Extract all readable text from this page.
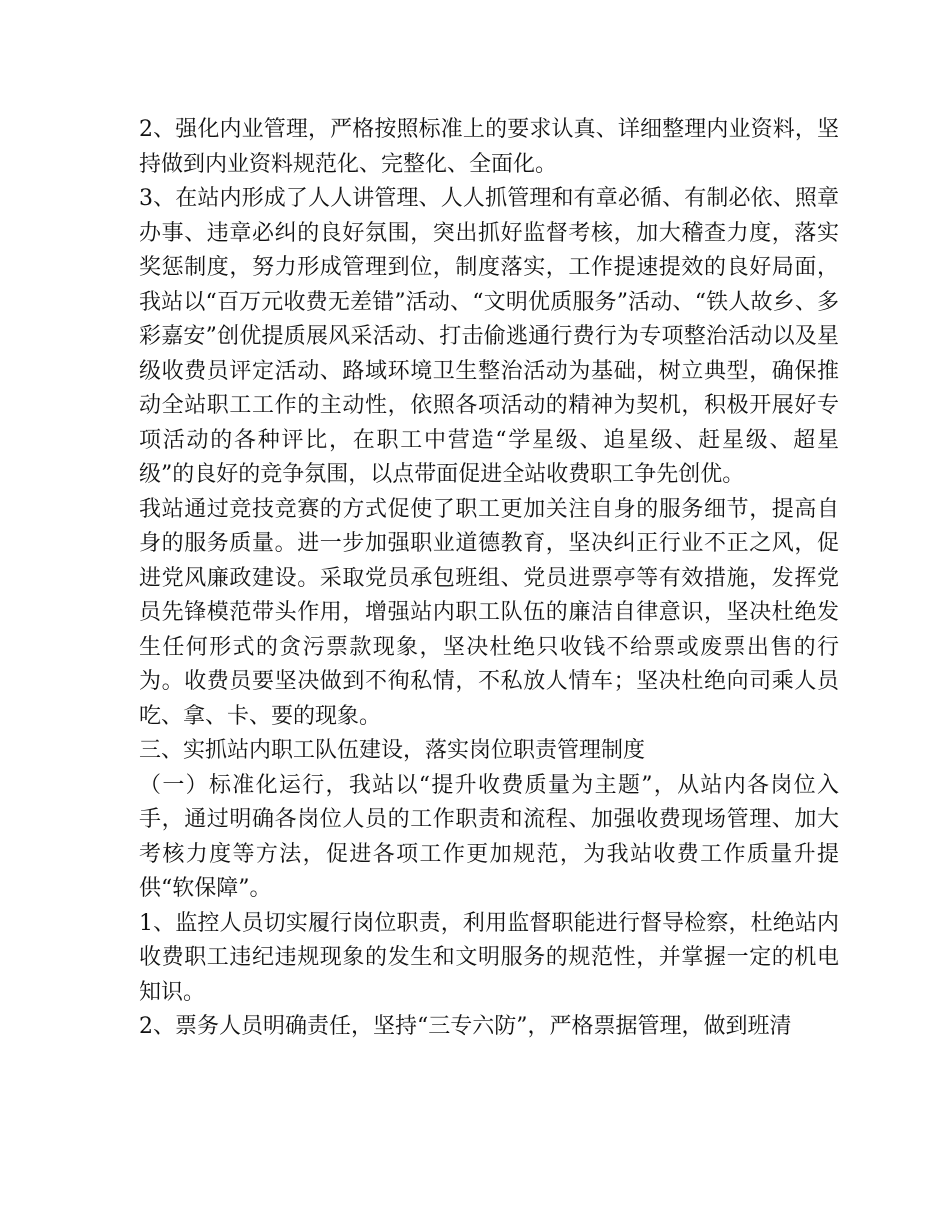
2、强化内业管理，严格按照标准上的要求认真、详细整理内业资料，坚持做到内业资料规范化、完整化、全面化。

3、在站内形成了人人讲管理、人人抓管理和有章必循、有制必依、照章办事、违章必纠的良好氛围，突出抓好监督考核，加大稽查力度，落实奖惩制度，努力形成管理到位，制度落实，工作提速提效的良好局面，我站以“百万元收费无差错”活动、“文明优质服务”活动、“铁人故乡、多彩嘉安”创优提质展风采活动、打击偷逃通行费行为专项整治活动以及星级收费员评定活动、路域环境卫生整治活动为基础，树立典型，确保推动全站职工工作的主动性，依照各项活动的精神为契机，积极开展好专项活动的各种评比，在职工中营造“学星级、追星级、赶星级、超星级”的良好的竞争氛围，以点带面促进全站收费职工争先创优。

我站通过竞技竞赛的方式促使了职工更加关注自身的服务细节，提高自身的服务质量。进一步加强职业道德教育，坚决纠正行业不正之风，促进党风廉政建设。采取党员承包班组、党员进票亭等有效措施，发挥党员先锋模范带头作用，增强站内职工队伍的廉洁自律意识，坚决杜绝发生任何形式的贪污票款现象，坚决杜绝只收钱不给票或废票出售的行为。收费员要坚决做到不徇私情，不私放人情车；坚决杜绝向司乘人员吃、拿、卡、要的现象。

三、实抓站内职工队伍建设，落实岗位职责管理制度

（一）标准化运行，我站以“提升收费质量为主题”，从站内各岗位入手，通过明确各岗位人员的工作职责和流程、加强收费现场管理、加大考核力度等方法，促进各项工作更加规范，为我站收费工作质量升提供“软保障”。

1、监控人员切实履行岗位职责，利用监督职能进行督导检察，杜绝站内收费职工违纪违规现象的发生和文明服务的规范性，并掌握一定的机电知识。

2、票务人员明确责任，坚持“三专六防”，严格票据管理，做到班清
